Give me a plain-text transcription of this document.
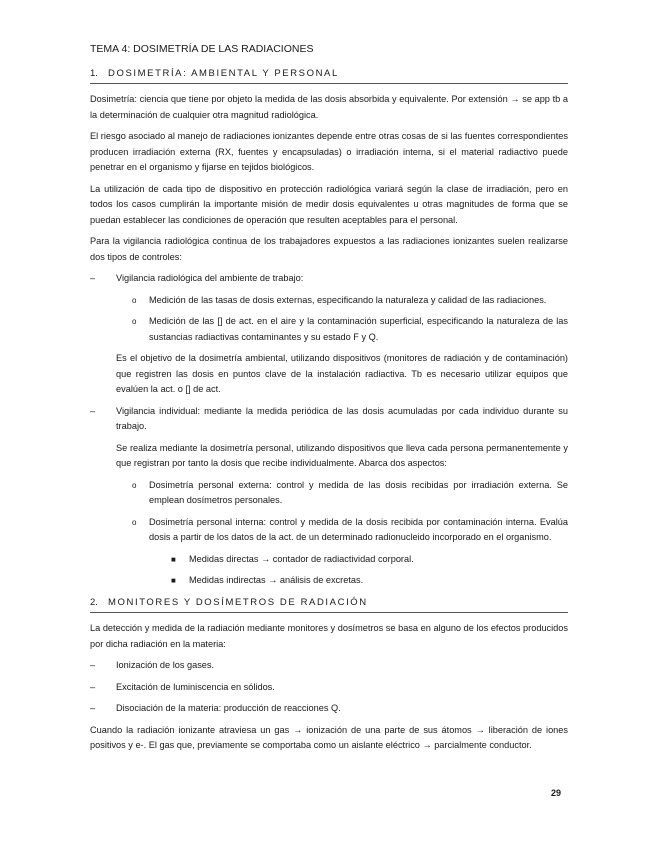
TEMA 4: DOSIMETRÍA DE LAS RADIACIONES
1. DOSIMETRÍA: AMBIENTAL Y PERSONAL

Dosimetría: ciencia que tiene por objeto la medida de las dosis absorbida y equivalente. Por extensión → se app tb a la determinación de cualquier otra magnitud radiológica.

El riesgo asociado al manejo de radiaciones ionizantes depende entre otras cosas de si las fuentes correspondientes producen irradiación externa (RX, fuentes y encapsuladas) o irradiación interna, si el material radiactivo puede penetrar en el organismo y fijarse en tejidos biológicos.

La utilización de cada tipo de dispositivo en protección radiológica variará según la clase de irradiación, pero en todos los casos cumplirán la importante misión de medir dosis equivalentes u otras magnitudes de forma que se puedan establecer las condiciones de operación que resulten aceptables para el personal.

Para la vigilancia radiológica continua de los trabajadores expuestos a las radiaciones ionizantes suelen realizarse dos tipos de controles:

– Vigilancia radiológica del ambiente de trabajo:
o Medición de las tasas de dosis externas, especificando la naturaleza y calidad de las radiaciones.
o Medición de las [] de act. en el aire y la contaminación superficial, especificando la naturaleza de las sustancias radiactivas contaminantes y su estado F y Q.
Es el objetivo de la dosimetría ambiental, utilizando dispositivos (monitores de radiación y de contaminación) que registren las dosis en puntos clave de la instalación radiactiva. Tb es necesario utilizar equipos que evalúen la act. o [] de act.
– Vigilancia individual: mediante la medida periódica de las dosis acumuladas por cada individuo durante su trabajo.
Se realiza mediante la dosimetría personal, utilizando dispositivos que lleva cada persona permanentemente y que registran por tanto la dosis que recibe individualmente. Abarca dos aspectos:
o Dosimetría personal externa: control y medida de las dosis recibidas por irradiación externa. Se emplean dosímetros personales.
o Dosimetría personal interna: control y medida de la dosis recibida por contaminación interna. Evalúa dosis a partir de los datos de la act. de un determinado radionucleido incorporado en el organismo.
■ Medidas directas → contador de radiactividad corporal.
■ Medidas indirectas → análisis de excretas.
2. MONITORES Y DOSÍMETROS DE RADIACIÓN

La detección y medida de la radiación mediante monitores y dosímetros se basa en alguno de los efectos producidos por dicha radiación en la materia:

– Ionización de los gases.
– Excitación de luminiscencia en sólidos.
– Disociación de la materia: producción de reacciones Q.

Cuando la radiación ionizante atraviesa un gas → ionización de una parte de sus átomos → liberación de iones positivos y e-. El gas que, previamente se comportaba como un aislante eléctrico → parcialmente conductor.

29
